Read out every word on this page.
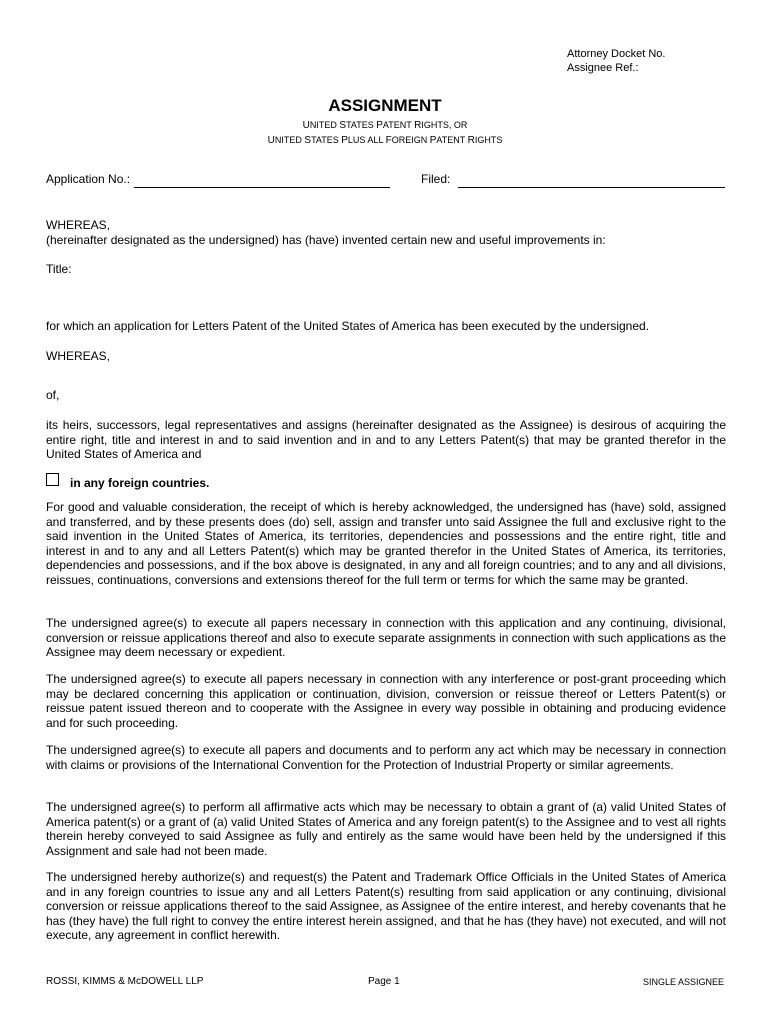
Attorney Docket No.
Assignee Ref.:
ASSIGNMENT
UNITED STATES PATENT RIGHTS, OR
UNITED STATES PLUS ALL FOREIGN PATENT RIGHTS
Application No.:	Filed:
WHEREAS,
(hereinafter designated as the undersigned) has (have) invented certain new and useful improvements in:
Title:
for which an application for Letters Patent of the United States of America has been executed by the undersigned.
WHEREAS,
of,
its heirs, successors, legal representatives and assigns (hereinafter designated as the Assignee) is desirous of acquiring the entire right, title and interest in and to said invention and in and to any Letters Patent(s) that may be granted therefor in the United States of America and
in any foreign countries.
For good and valuable consideration, the receipt of which is hereby acknowledged, the undersigned has (have) sold, assigned and transferred, and by these presents does (do) sell, assign and transfer unto said Assignee the full and exclusive right to the said invention in the United States of America, its territories, dependencies and possessions and the entire right, title and interest in and to any and all Letters Patent(s) which may be granted therefor in the United States of America, its territories, dependencies and possessions, and if the box above is designated, in any and all foreign countries; and to any and all divisions, reissues, continuations, conversions and extensions thereof for the full term or terms for which the same may be granted.
The undersigned agree(s) to execute all papers necessary in connection with this application and any continuing, divisional, conversion or reissue applications thereof and also to execute separate assignments in connection with such applications as the Assignee may deem necessary or expedient.
The undersigned agree(s) to execute all papers necessary in connection with any interference or post-grant proceeding which may be declared concerning this application or continuation, division, conversion or reissue thereof or Letters Patent(s) or reissue patent issued thereon and to cooperate with the Assignee in every way possible in obtaining and producing evidence and for such proceeding.
The undersigned agree(s) to execute all papers and documents and to perform any act which may be necessary in connection with claims or provisions of the International Convention for the Protection of Industrial Property or similar agreements.
The undersigned agree(s) to perform all affirmative acts which may be necessary to obtain a grant of (a) valid United States of America patent(s) or a grant of (a) valid United States of America and any foreign patent(s) to the Assignee and to vest all rights therein hereby conveyed to said Assignee as fully and entirely as the same would have been held by the undersigned if this Assignment and sale had not been made.
The undersigned hereby authorize(s) and request(s) the Patent and Trademark Office Officials in the United States of America and in any foreign countries to issue any and all Letters Patent(s) resulting from said application or any continuing, divisional conversion or reissue applications thereof to the said Assignee, as Assignee of the entire interest, and hereby covenants that he has (they have) the full right to convey the entire interest herein assigned, and that he has (they have) not executed, and will not execute, any agreement in conflict herewith.
ROSSI, KIMMS & McDOWELL LLP	Page 1	SINGLE ASSIGNEE
